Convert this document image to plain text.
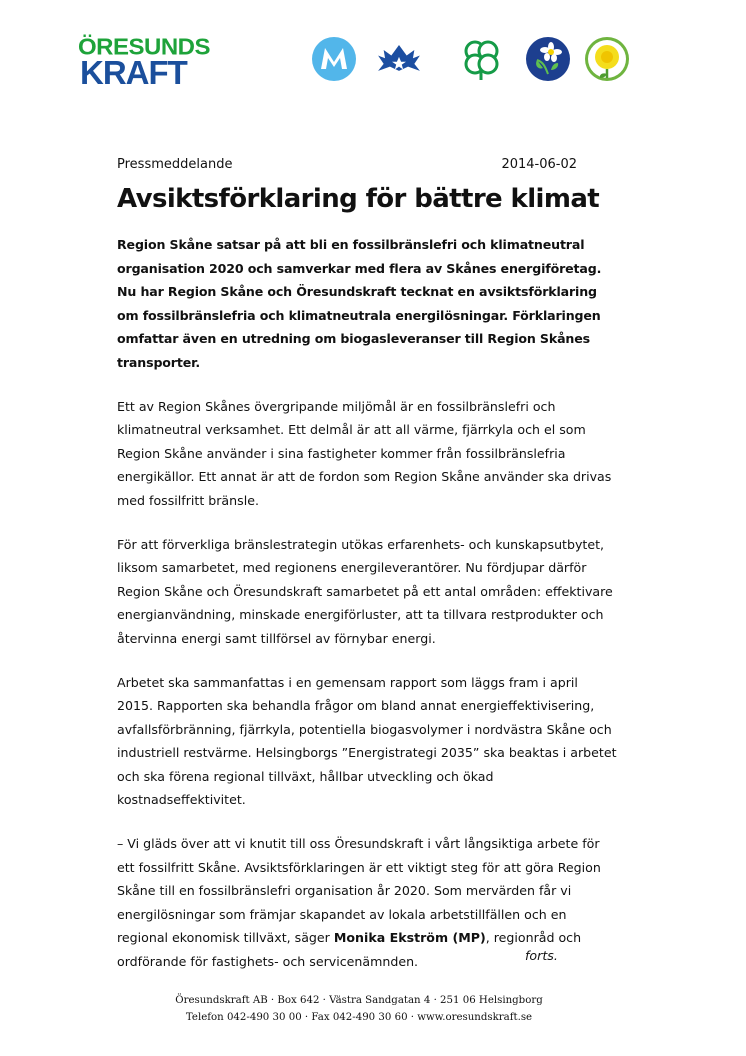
ÖRESUNDS
KRAFT
Pressmeddelande	2014-06-02
Avsiktsförklaring för bättre klimat

Region Skåne satsar på att bli en fossilbränslefri och klimatneutral organisation 2020 och samverkar med flera av Skånes energiföretag. Nu har Region Skåne och Öresundskraft tecknat en avsiktsförklaring om fossilbränslefria och klimatneutrala energilösningar. Förklaringen omfattar även en utredning om biogasleveranser till Region Skånes transporter.

Ett av Region Skånes övergripande miljömål är en fossilbränslefri och klimatneutral verksamhet. Ett delmål är att all värme, fjärrkyla och el som Region Skåne använder i sina fastigheter kommer från fossilbränslefria energikällor. Ett annat är att de fordon som Region Skåne använder ska drivas med fossilfritt bränsle.

För att förverkliga bränslestrategin utökas erfarenhets- och kunskapsutbytet, liksom samarbetet, med regionens energileverantörer. Nu fördjupar därför Region Skåne och Öresundskraft samarbetet på ett antal områden: effektivare energianvändning, minskade energiförluster, att ta tillvara restprodukter och återvinna energi samt tillförsel av förnybar energi.

Arbetet ska sammanfattas i en gemensam rapport som läggs fram i april 2015. Rapporten ska behandla frågor om bland annat energieffektivisering, avfallsförbränning, fjärrkyla, potentiella biogasvolymer i nordvästra Skåne och industriell restvärme. Helsingborgs ”Energistrategi 2035” ska beaktas i arbetet och ska förena regional tillväxt, hållbar utveckling och ökad kostnadseffektivitet.

– Vi gläds över att vi knutit till oss Öresundskraft i vårt långsiktiga arbete för ett fossilfritt Skåne. Avsiktsförklaringen är ett viktigt steg för att göra Region Skåne till en fossilbränslefri organisation år 2020. Som mervärden får vi energilösningar som främjar skapandet av lokala arbetstillfällen och en regional ekonomisk tillväxt, säger Monika Ekström (MP), regionråd och ordförande för fastighets- och servicenämnden.	forts.
Öresundskraft AB · Box 642 · Västra Sandgatan 4 · 251 06 Helsingborg
Telefon 042-490 30 00 · Fax 042-490 30 60 · www.oresundskraft.se
